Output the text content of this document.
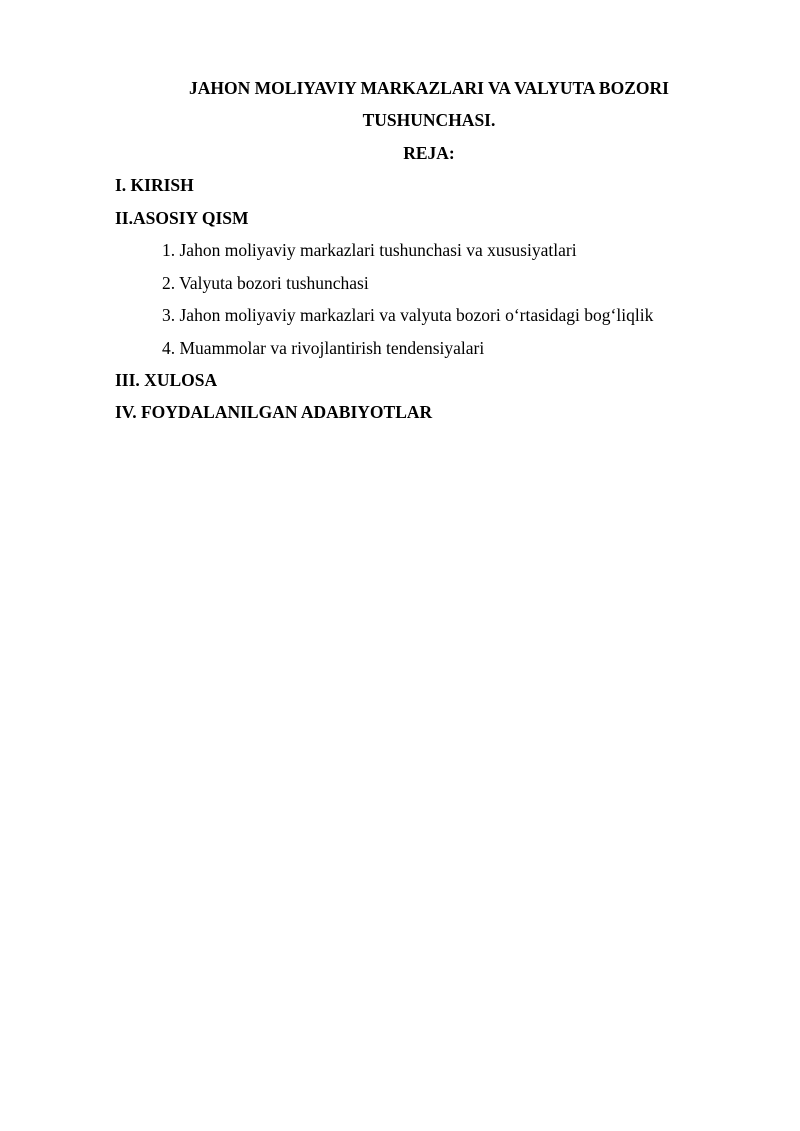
JAHON MOLIYAVIY MARKAZLARI VA VALYUTA BOZORI
TUSHUNCHASI.
REJA:
I. KIRISH
II.ASOSIY QISM
1. Jahon moliyaviy markazlari tushunchasi va xususiyatlari
2. Valyuta bozori tushunchasi
3. Jahon moliyaviy markazlari va valyuta bozori o‘rtasidagi bog‘liqlik
4. Muammolar va rivojlantirish tendensiyalari
III. XULOSA
IV. FOYDALANILGAN ADABIYOTLAR
